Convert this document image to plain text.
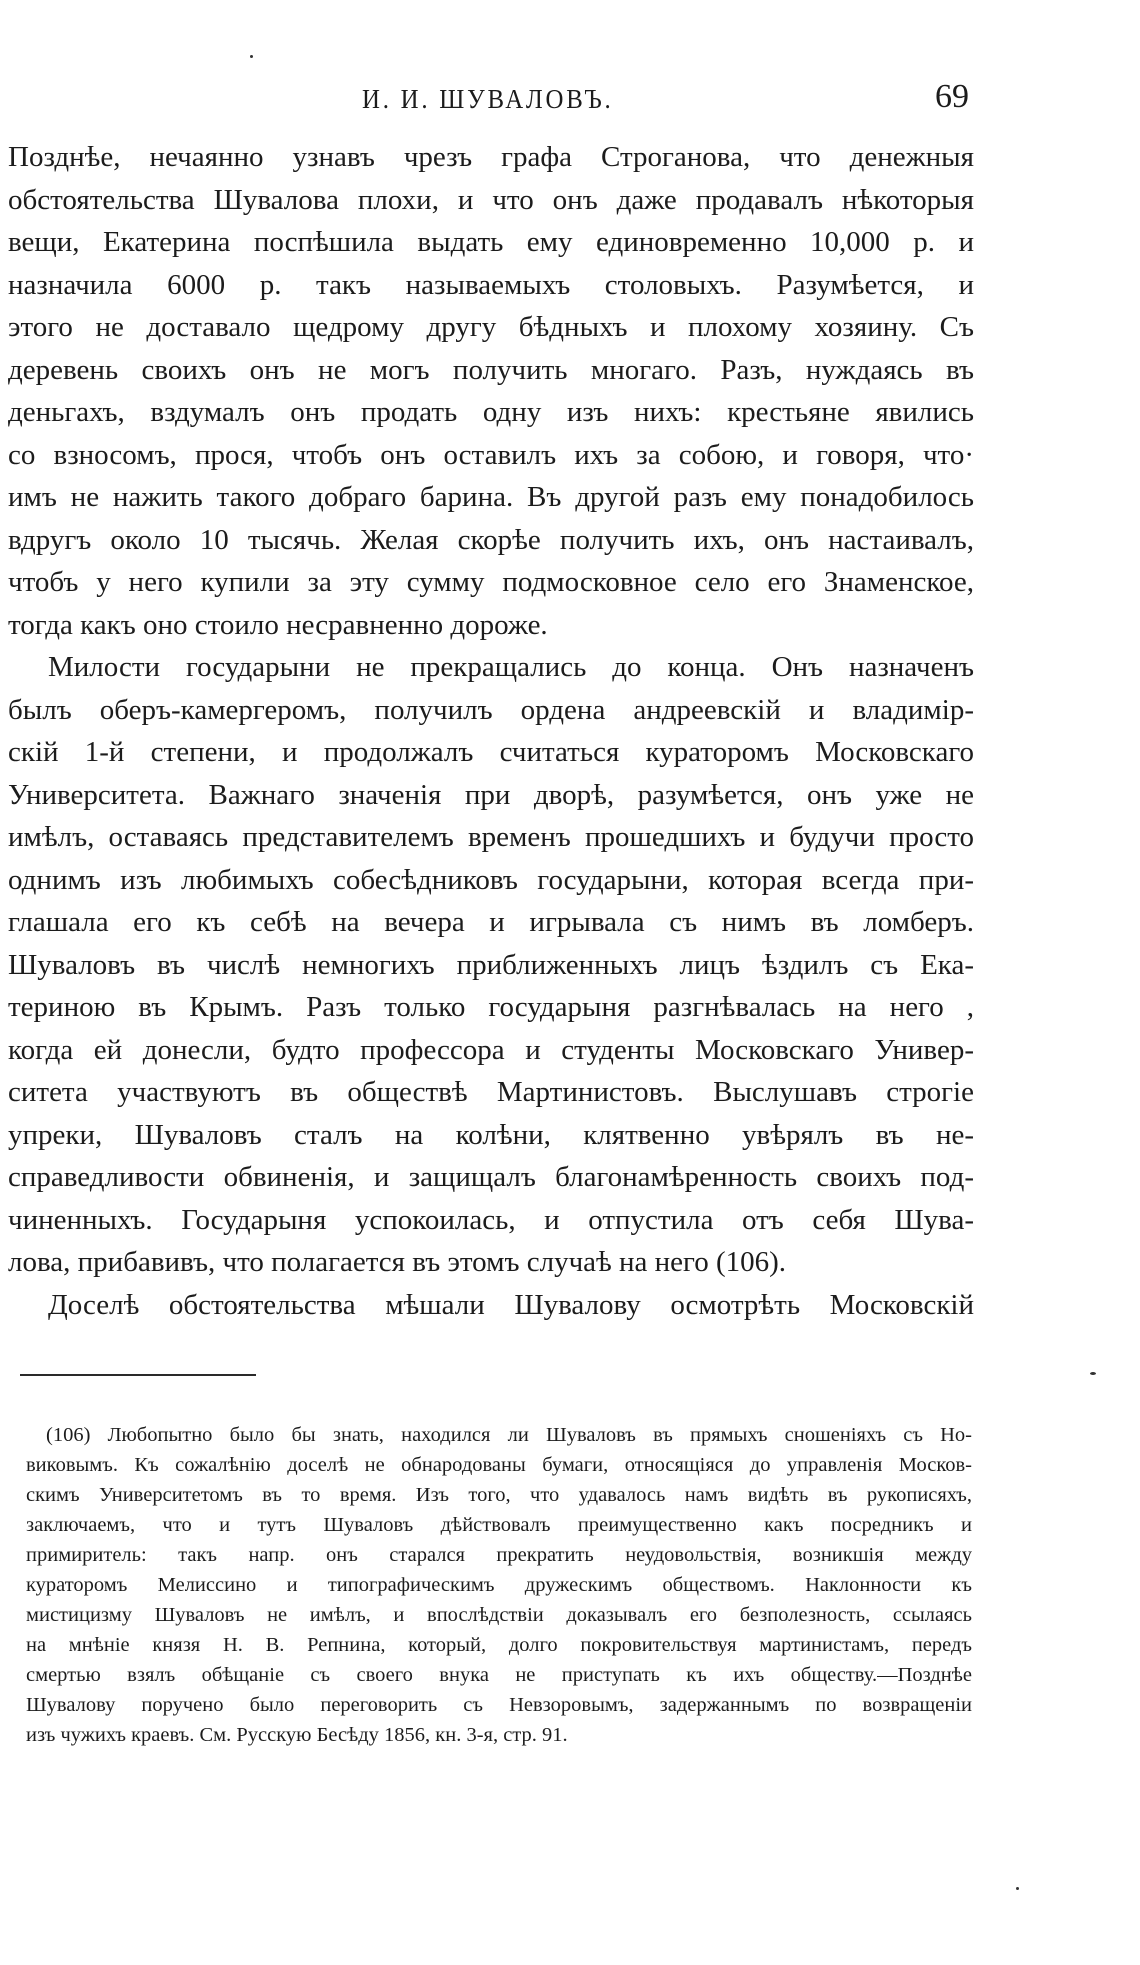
И. И. ШУВАЛОВЪ.	69
Позднѣе, нечаянно узнавъ чрезъ графа Строганова, что денежныя
обстоятельства Шувалова плохи, и что онъ даже продавалъ нѣкоторыя
вещи, Екатерина поспѣшила выдать ему единовременно 10,000 р. и
назначила 6000 р. такъ называемыхъ столовыхъ. Разумѣется, и
этого не доставало щедрому другу бѣдныхъ и плохому хозяину. Съ
деревень своихъ онъ не могъ получить многаго. Разъ, нуждаясь въ
деньгахъ, вздумалъ онъ продать одну изъ нихъ: крестьяне явились
со взносомъ, прося, чтобъ онъ оставилъ ихъ за собою, и говоря, что·
имъ не нажить такого добраго барина. Въ другой разъ ему понадобилось
вдругъ около 10 тысячь. Желая скорѣе получить ихъ, онъ настаивалъ,
чтобъ у него купили за эту сумму подмосковное село его Знаменское,
тогда какъ оно стоило несравненно дороже.
Милости государыни не прекращались до конца. Онъ назначенъ
былъ оберъ-камергеромъ, получилъ ордена андреевскій и владимір-
скій 1-й степени, и продолжалъ считаться кураторомъ Московскаго
Университета. Важнаго значенія при дворѣ, разумѣется, онъ уже не
имѣлъ, оставаясь представителемъ временъ прошедшихъ и будучи просто
однимъ изъ любимыхъ собесѣдниковъ государыни, которая всегда при-
глашала его къ себѣ на вечера и игрывала съ нимъ въ ломберъ.
Шуваловъ въ числѣ немногихъ приближенныхъ лицъ ѣздилъ съ Ека-
териною въ Крымъ. Разъ только государыня разгнѣвалась на него ,
когда ей донесли, будто профессора и студенты Московскаго Универ-
ситета участвуютъ въ обществѣ Мартинистовъ. Выслушавъ строгіе
упреки, Шуваловъ сталъ на колѣни, клятвенно увѣрялъ въ не-
справедливости обвиненія, и защищалъ благонамѣренность своихъ под-
чиненныхъ. Государыня успокоилась, и отпустила отъ себя Шува-
лова, прибавивъ, что полагается въ этомъ случаѣ на него (106).
Доселѣ обстоятельства мѣшали Шувалову осмотрѣть Московскій
(106) Любопытно было бы знать, находился ли Шуваловъ въ прямыхъ сношеніяхъ съ Но-
виковымъ. Къ сожалѣнію доселѣ не обнародованы бумаги, относящіяся до управленія Москов-
скимъ Университетомъ въ то время. Изъ того, что удавалось намъ видѣть въ рукописяхъ,
заключаемъ, что и тутъ Шуваловъ дѣйствовалъ преимущественно какъ посредникъ и
примиритель: такъ напр. онъ старался прекратить неудовольствія, возникшія между
кураторомъ Мелиссино и типографическимъ дружескимъ обществомъ. Наклонности къ
мистицизму Шуваловъ не имѣлъ, и впослѣдствіи доказывалъ его безполезность, ссылаясь
на мнѣніе князя Н. В. Репнина, который, долго покровительствуя мартинистамъ, передъ
смертью взялъ обѣщаніе съ своего внука не приступать къ ихъ обществу.—Позднѣе
Шувалову поручено было переговорить съ Невзоровымъ, задержаннымъ по возвращеніи
изъ чужихъ краевъ. См. Русскую Бесѣду 1856, кн. 3-я, стр. 91.
